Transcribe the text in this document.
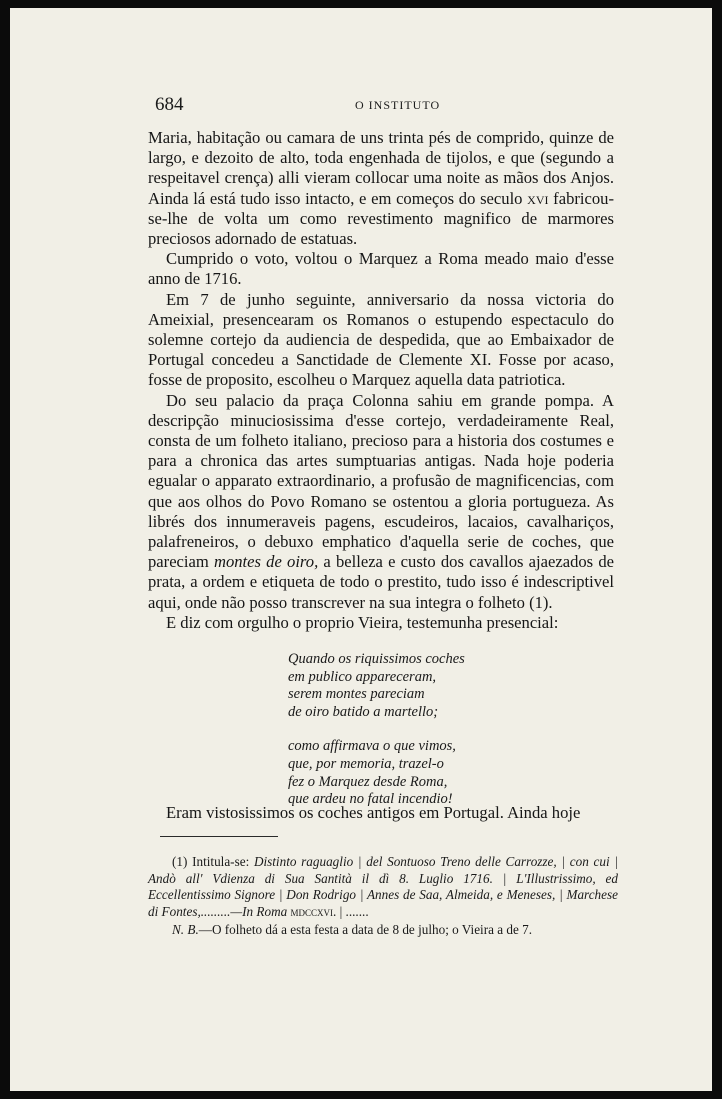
684	O INSTITUTO

Maria, habitação ou camara de uns trinta pés de comprido, quinze de largo, e dezoito de alto, toda engenhada de tijolos, e que (segundo a respeitavel crença) alli vieram collocar uma noite as mãos dos Anjos. Ainda lá está tudo isso intacto, e em começos do seculo xvi fabricou-se-lhe de volta um como revestimento magnifico de marmores preciosos adornado de estatuas.

Cumprido o voto, voltou o Marquez a Roma meado maio d'esse anno de 1716.

Em 7 de junho seguinte, anniversario da nossa victoria do Ameixial, presencearam os Romanos o estupendo espectaculo do solemne cortejo da audiencia de despedida, que ao Embaixador de Portugal concedeu a Sanctidade de Clemente XI. Fosse por acaso, fosse de proposito, escolheu o Marquez aquella data patriotica.

Do seu palacio da praça Colonna sahiu em grande pompa. A descripção minuciosissima d'esse cortejo, verdadeiramente Real, consta de um folheto italiano, precioso para a historia dos costumes e para a chronica das artes sumptuarias antigas. Nada hoje poderia egualar o apparato extraordinario, a profusão de magnificencias, com que aos olhos do Povo Romano se ostentou a gloria portugueza. As librés dos innumeraveis pagens, escudeiros, lacaios, cavalhariços, palafreneiros, o debuxo emphatico d'aquella serie de coches, que pareciam montes de oiro, a belleza e custo dos cavallos ajaezados de prata, a ordem e etiqueta de todo o prestito, tudo isso é indescriptivel aqui, onde não posso transcrever na sua integra o folheto (1).

E diz com orgulho o proprio Vieira, testemunha presencial:

Quando os riquissimos coches
em publico appareceram,
serem montes pareciam
de oiro batido a martello;
como affirmava o que vimos,
que, por memoria, trazel-o
fez o Marquez desde Roma,
que ardeu no fatal incendio!
Eram vistosissimos os coches antigos em Portugal. Ainda hoje

(1) Intitula-se: Distinto raguaglio | del Sontuoso Treno delle Carrozze, | con cui | Andò all' Vdienza di Sua Santità il dì 8. Luglio 1716. | L'Illustrissimo, ed Eccellentissimo Signore | Don Rodrigo | Annes de Saa, Almeida, e Meneses, | Marchese di Fontes,.........—In Roma mdccxvi. | .......

N. B.—O folheto dá a esta festa a data de 8 de julho; o Vieira a de 7.
